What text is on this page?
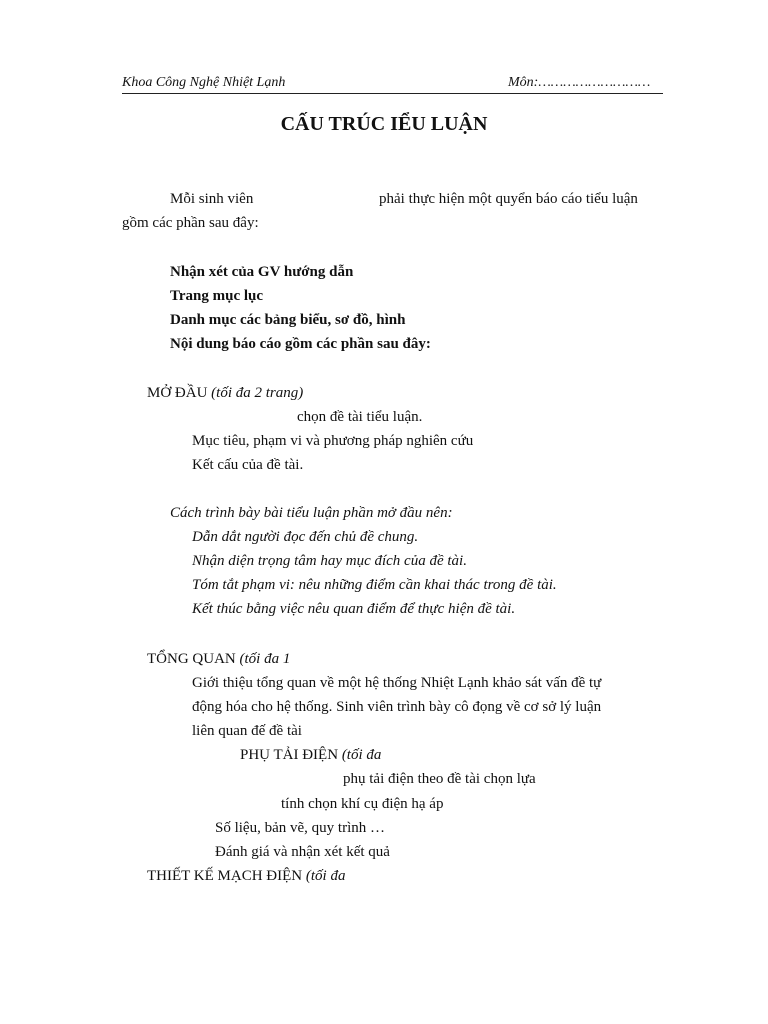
Khoa Công Nghệ Nhiệt Lạnh	Môn:………………………
CẤU TRÚC IỂU LUẬN
Mỗi sinh viên	phải thực hiện một quyển báo cáo tiểu luận
gồm các phần sau đây:
Nhận xét của GV hướng dẫn
Trang mục lục
Danh mục các bảng biểu, sơ đồ, hình
Nội dung báo cáo gồm các phần sau đây:
MỞ ĐẦU (tối đa 2 trang)
chọn đề tài tiểu luận.
Mục tiêu, phạm vi và phương pháp nghiên cứu
Kết cấu của đề tài.
Cách trình bày bài tiểu luận phần mở đầu nên:
Dẫn dắt người đọc đến chủ đề chung.
Nhận diện trọng tâm hay mục đích của đề tài.
Tóm tắt phạm vi: nêu những điểm cần khai thác trong đề tài.
Kết thúc bằng việc nêu quan điểm để thực hiện đề tài.
TỔNG QUAN (tối đa 1
Giới thiệu tổng quan về một hệ thống Nhiệt Lạnh khảo sát vấn đề tự
động hóa cho hệ thống. Sinh viên trình bày cô đọng về cơ sở lý luận
liên quan đế đề tài
PHỤ TẢI ĐIỆN (tối đa
phụ tải điện theo đề tài chọn lựa
tính chọn khí cụ điện hạ áp
Số liệu, bản vẽ, quy trình …
Đánh giá và nhận xét kết quả
THIẾT KẾ MẠCH ĐIỆN (tối đa
